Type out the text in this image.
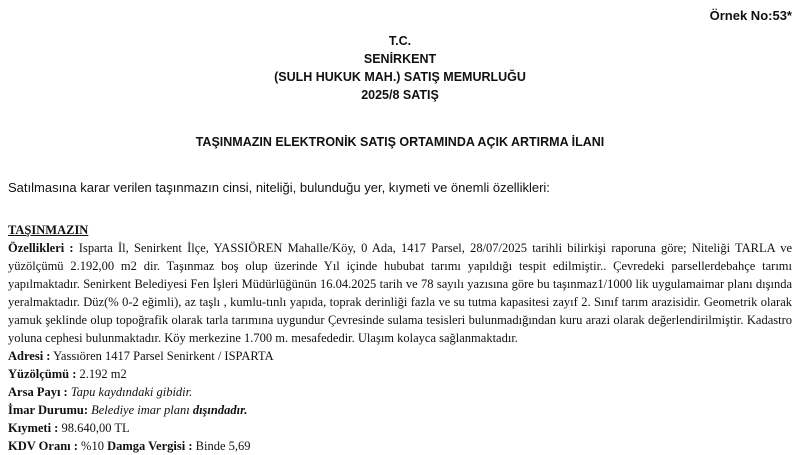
Örnek No:53*
T.C.
SENİRKENT
(SULH HUKUK MAH.) SATIŞ MEMURLUĞU
2025/8 SATIŞ
TAŞINMAZIN ELEKTRONİK SATIŞ ORTAMINDA AÇIK ARTIRMA İLANI
Satılmasına karar verilen taşınmazın cinsi, niteliği, bulunduğu yer, kıymeti ve önemli özellikleri:
TAŞINMAZIN
Özellikleri : Isparta İl, Senirkent İlçe, YASSIÖREN Mahalle/Köy, 0 Ada, 1417 Parsel, 28/07/2025 tarihli bilirkişi raporuna göre; Niteliği TARLA ve yüzölçümü 2.192,00 m2 dir. Taşınmaz boş olup üzerinde Yıl içinde hububat tarımı yapıldığı tespit edilmiştir.. Çevredeki parsellerdebahçe tarımı yapılmaktadır. Senirkent Belediyesi Fen İşleri Müdürlüğünün 16.04.2025 tarih ve 78 sayılı yazısına göre bu taşınmaz1/1000 lik uygulamaimar planı dışında yeralmaktadır. Düz(% 0-2 eğimli), az taşlı , kumlu-tınlı yapıda, toprak derinliği fazla ve su tutma kapasitesi zayıf 2. Sınıf tarım arazisidir. Geometrik olarak yamuk şeklinde olup topoğrafik olarak tarla tarımına uygundur Çevresinde sulama tesisleri bulunmadığından kuru arazi olarak değerlendirilmiştir. Kadastro yoluna cephesi bulunmaktadır. Köy merkezine 1.700 m. mesafededir. Ulaşım kolayca sağlanmaktadır.
Adresi : Yassıören 1417 Parsel Senirkent / ISPARTA
Yüzölçümü : 2.192 m2
Arsa Payı : Tapu kaydındaki gibidir.
İmar Durumu: Belediye imar planı dışındadır.
Kıymeti : 98.640,00 TL
KDV Oranı : %10 Damga Vergisi : Binde 5,69
